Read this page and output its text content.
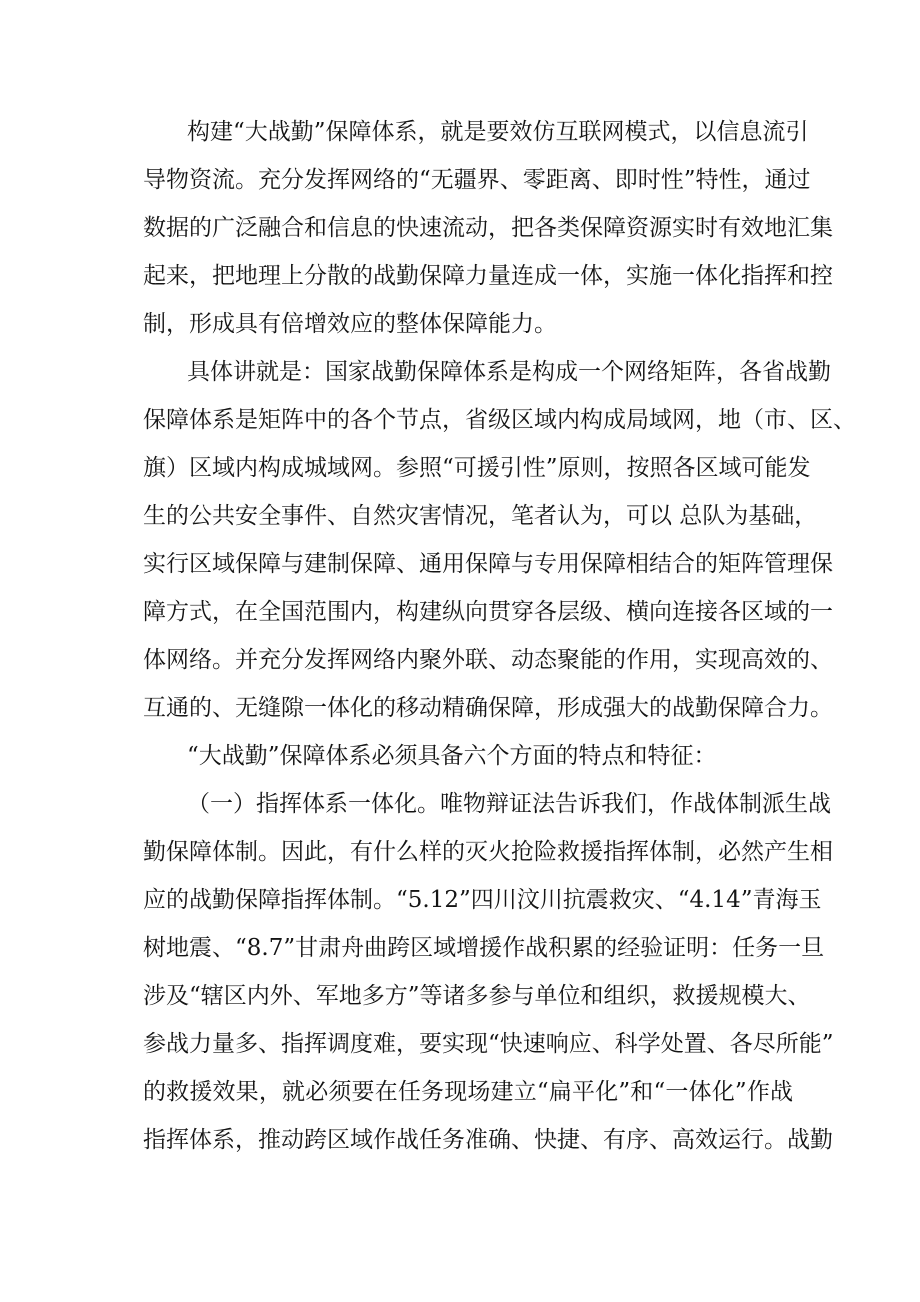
构建“大战勤”保障体系，就是要效仿互联网模式，以信息流引

导物资流。充分发挥网络的“无疆界、零距离、即时性”特性，通过

数据的广泛融合和信息的快速流动，把各类保障资源实时有效地汇集

起来，把地理上分散的战勤保障力量连成一体，实施一体化指挥和控

制，形成具有倍增效应的整体保障能力。

具体讲就是：国家战勤保障体系是构成一个网络矩阵，各省战勤

保障体系是矩阵中的各个节点，省级区域内构成局域网，地（市、区、

旗）区域内构成城域网。参照“可援引性”原则，按照各区域可能发

生的公共安全事件、自然灾害情况，笔者认为，可以 总队为基础，

实行区域保障与建制保障、通用保障与专用保障相结合的矩阵管理保

障方式，在全国范围内，构建纵向贯穿各层级、横向连接各区域的一

体网络。并充分发挥网络内聚外联、动态聚能的作用，实现高效的、

互通的、无缝隙一体化的移动精确保障，形成强大的战勤保障合力。

“大战勤”保障体系必须具备六个方面的特点和特征：

（一）指挥体系一体化。唯物辩证法告诉我们，作战体制派生战

勤保障体制。因此，有什么样的灭火抢险救援指挥体制，必然产生相

应的战勤保障指挥体制。“5.12”四川汶川抗震救灾、“4.14”青海玉

树地震、“8.7”甘肃舟曲跨区域增援作战积累的经验证明：任务一旦

涉及“辖区内外、军地多方”等诸多参与单位和组织，救援规模大、

参战力量多、指挥调度难，要实现“快速响应、科学处置、各尽所能”

的救援效果，就必须要在任务现场建立“扁平化”和“一体化”作战

指挥体系，推动跨区域作战任务准确、快捷、有序、高效运行。战勤
